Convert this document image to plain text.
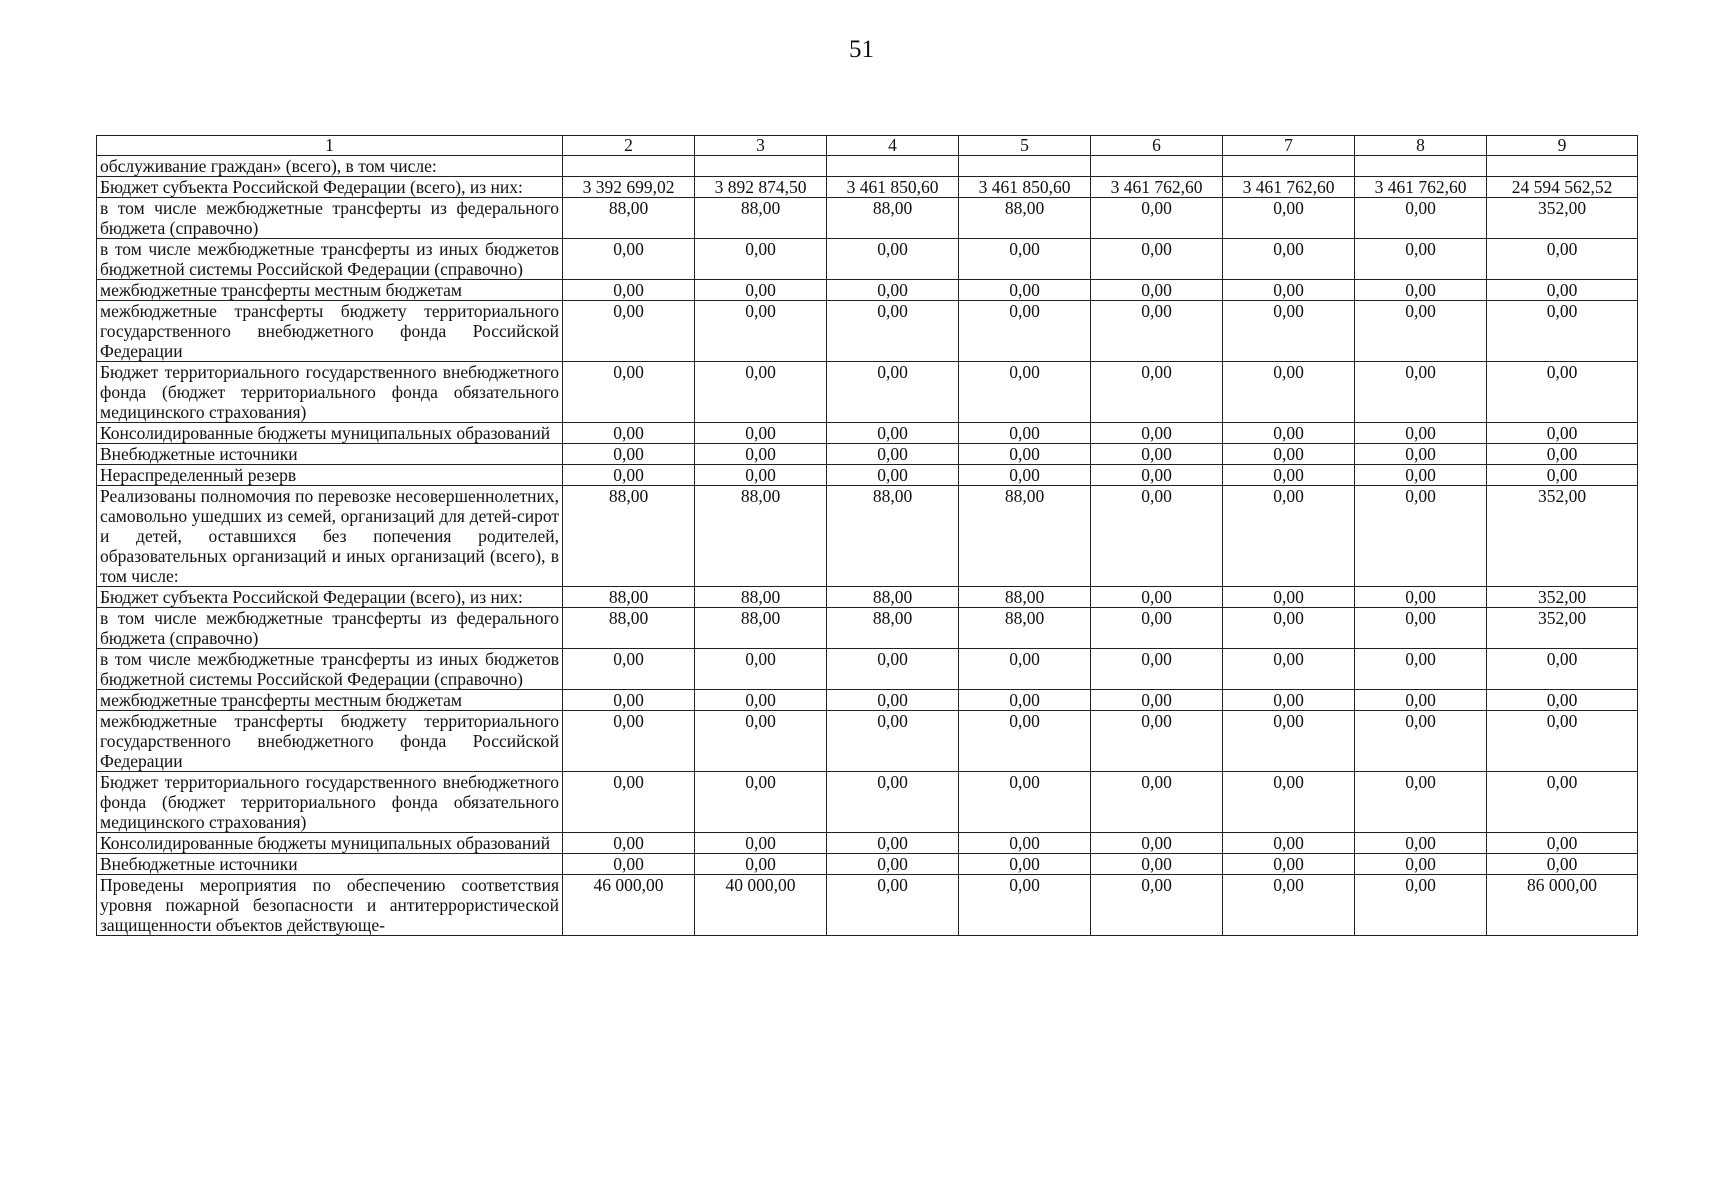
51
1	2	3	4	5	6	7	8	9
обслуживание граждан» (всего), в том числе:								
Бюджет субъекта Российской Федерации (всего), из них:	3 392 699,02	3 892 874,50	3 461 850,60	3 461 850,60	3 461 762,60	3 461 762,60	3 461 762,60	24 594 562,52
в том числе межбюджетные трансферты из федерального бюджета (справочно)	88,00	88,00	88,00	88,00	0,00	0,00	0,00	352,00
в том числе межбюджетные трансферты из иных бюджетов бюджетной системы Российской Федерации (справочно)	0,00	0,00	0,00	0,00	0,00	0,00	0,00	0,00
межбюджетные трансферты местным бюджетам	0,00	0,00	0,00	0,00	0,00	0,00	0,00	0,00
межбюджетные трансферты бюджету территориального государственного внебюджетного фонда Российской Федерации	0,00	0,00	0,00	0,00	0,00	0,00	0,00	0,00
Бюджет территориального государственного внебюджетного фонда (бюджет территориального фонда обязательного медицинского страхования)	0,00	0,00	0,00	0,00	0,00	0,00	0,00	0,00
Консолидированные бюджеты муниципальных образований	0,00	0,00	0,00	0,00	0,00	0,00	0,00	0,00
Внебюджетные источники	0,00	0,00	0,00	0,00	0,00	0,00	0,00	0,00
Нераспределенный резерв	0,00	0,00	0,00	0,00	0,00	0,00	0,00	0,00
Реализованы полномочия по перевозке несовершеннолетних, самовольно ушедших из семей, организаций для детей-сирот и детей, оставшихся без попечения родителей, образовательных организаций и иных организаций (всего), в том числе:	88,00	88,00	88,00	88,00	0,00	0,00	0,00	352,00
Бюджет субъекта Российской Федерации (всего), из них:	88,00	88,00	88,00	88,00	0,00	0,00	0,00	352,00
в том числе межбюджетные трансферты из федерального бюджета (справочно)	88,00	88,00	88,00	88,00	0,00	0,00	0,00	352,00
в том числе межбюджетные трансферты из иных бюджетов бюджетной системы Российской Федерации (справочно)	0,00	0,00	0,00	0,00	0,00	0,00	0,00	0,00
межбюджетные трансферты местным бюджетам	0,00	0,00	0,00	0,00	0,00	0,00	0,00	0,00
межбюджетные трансферты бюджету территориального государственного внебюджетного фонда Российской Федерации	0,00	0,00	0,00	0,00	0,00	0,00	0,00	0,00
Бюджет территориального государственного внебюджетного фонда (бюджет территориального фонда обязательного медицинского страхования)	0,00	0,00	0,00	0,00	0,00	0,00	0,00	0,00
Консолидированные бюджеты муниципальных образований	0,00	0,00	0,00	0,00	0,00	0,00	0,00	0,00
Внебюджетные источники	0,00	0,00	0,00	0,00	0,00	0,00	0,00	0,00
Проведены мероприятия по обеспечению соответствия уровня пожарной безопасности и антитеррористической защищенности объектов действующе-	46 000,00	40 000,00	0,00	0,00	0,00	0,00	0,00	86 000,00
